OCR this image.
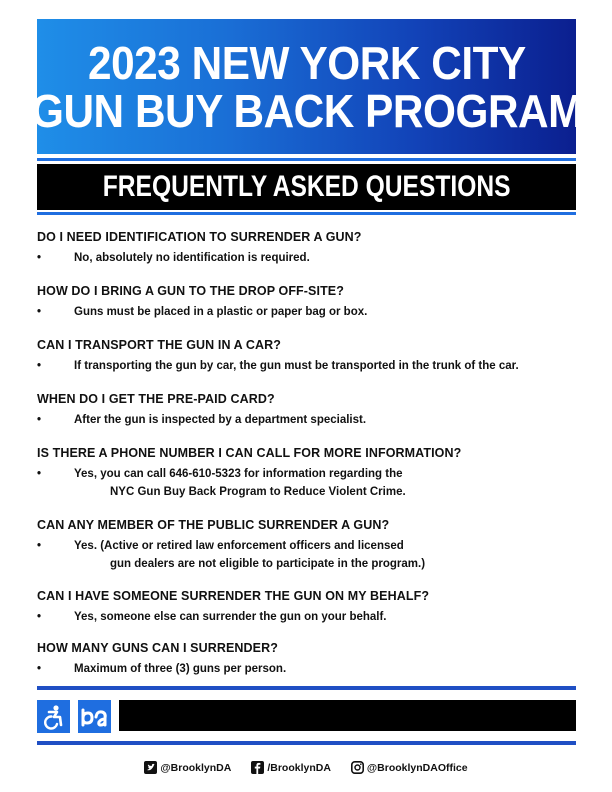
2023 NEW YORK CITY
GUN BUY BACK PROGRAM
FREQUENTLY ASKED QUESTIONS
DO I NEED IDENTIFICATION TO SURRENDER A GUN?
•	No, absolutely no identification is required.
HOW DO I BRING A GUN TO THE DROP OFF-SITE?
•	Guns must be placed in a plastic or paper bag or box.
CAN I TRANSPORT THE GUN IN A CAR?
•	If transporting the gun by car, the gun must be transported in the trunk of the car.
WHEN DO I GET THE PRE-PAID CARD?
•	After the gun is inspected by a department specialist.
IS THERE A PHONE NUMBER I CAN CALL FOR MORE INFORMATION?
•	Yes, you can call 646-610-5323 for information regarding the
NYC Gun Buy Back Program to Reduce Violent Crime.
CAN ANY MEMBER OF THE PUBLIC SURRENDER A GUN?
•	Yes. (Active or retired law enforcement officers and licensed
gun dealers are not eligible to participate in the program.)
CAN I HAVE SOMEONE SURRENDER THE GUN ON MY BEHALF?
•	Yes, someone else can surrender the gun on your behalf.
HOW MANY GUNS CAN I SURRENDER?
•	Maximum of three (3) guns per person.
@BrooklynDA	/BrooklynDA	@BrooklynDAOffice
